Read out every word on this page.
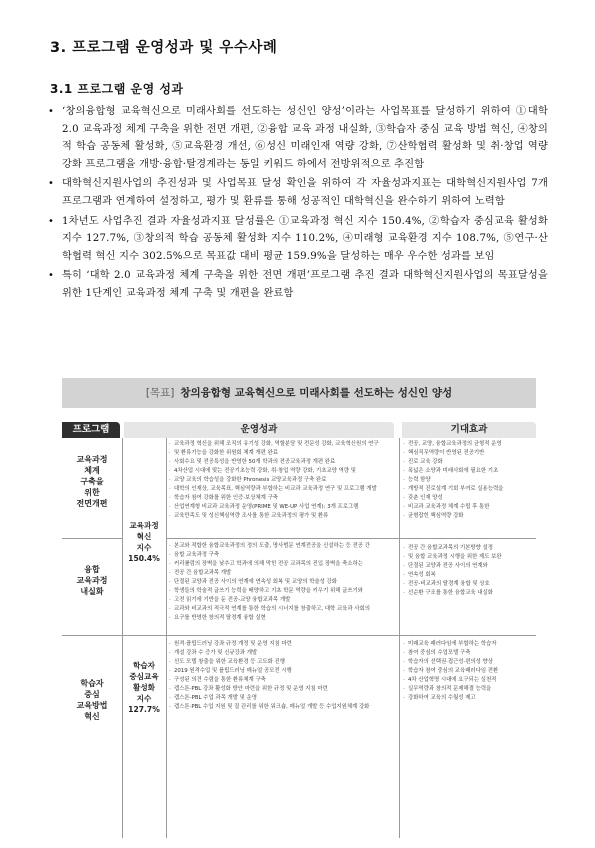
3. 프로그램 운영성과 및 우수사례
3.1 프로그램 운영 성과
• ‘창의융합형 교육혁신으로 미래사회를 선도하는 성신인 양성’이라는 사업목표를 달성하기 위하여 ①대학2.0 교육과정 체계 구축을 위한 전면 개편, ②융합 교육 과정 내실화, ③학습자 중심 교육 방법 혁신, ④창의적 학습 공동체 활성화, ⑤교육환경 개선, ⑥성신 미래인재 역량 강화, ⑦산학협력 활성화 및 취·창업 역량 강화 프로그램을 개방·융합·탈경계라는 동일 키워드 하에서 전방위적으로 추진함
• 대학혁신지원사업의 추진성과 및 사업목표 달성 확인을 위하여 각 자율성과지표는 대학혁신지원사업 7개 프로그램과 연계하여 설정하고, 평가 및 환류를 통해 성공적인 대학혁신을 완수하기 위하여 노력함
• 1차년도 사업추진 결과 자율성과지표 달성률은 ①교육과정 혁신 지수 150.4%, ②학습자 중심교육 활성화 지수 127.7%, ③창의적 학습 공동체 활성화 지수 110.2%, ④미래형 교육환경 지수 108.7%, ⑤연구·산학협력 혁신 지수 302.5%으로 목표값 대비 평균 159.9%을 달성하는 매우 우수한 성과를 보임
• 특히 ‘대학 2.0 교육과정 체계 구축을 위한 전면 개편’프로그램 추진 결과 대학혁신지원사업의 목표달성을 위한 1단계인 교육과정 체계 구축 및 개편을 완료함
[목표] 창의융합형 교육혁신으로 미래사회를 선도하는 성신인 양성
프로그램	운영성과	기대효과
교육과정
체계
구축을
위한
전면개편
· 교육과정 혁신을 위해 조직의 유기성 강화, 역할분담 및 전문성 강화, 교육혁신원의 연구
· 및 환류기능을 강화한 위원회 체계 개편 완료
· 사회수요 및 전공특성을 반영한 50개 학과의 전공교육과정 개편 완료
· 4차산업 시대에 맞는 전공기초능력 강화, 취·창업 역량 강화, 기초교양 역량 및
· 교양 교육의 학습성을 강화한 Phronesis 교양교육과정 구축 완료
· 대학의 인재상, 교육목표, 핵심역량과 부합하는 비교과 교육과정 연구 및 프로그램 개발
· 학습자 참여 강화를 위한 인증·보상체계 구축
· 산업연계형 비교과 교육과정 운영(PRIME 및 WE-UP 사업 연계): 3개 프로그램
· 교육만족도 및 성신핵심역량 조사를 통한 교육과정의 평가 및 환류
· 전공, 교양, 융합교육과정의 균형적 운영
· 핵심직무역량이 반영된 전공기반
· 진로 교육 강화
· 폭넓은 소양과 미래사회에 필요한 기초
· 능력 함양
· 개방적 진로설계 기회 부여로 실용능력을
· 갖춘 인재 양성
· 비교과 교육과정 체계 수립 후 통한
· 균형잡힌 핵심역량 강화
교육과정
혁신
지수
150.4%
융합
교육과정
내실화
· 본교와 적합한 융합교육과정의 정의 도출, 명사범문 연계전공을 신설하는 등 전공 간
· 융합 교육과정 구축
· 커리큘럼의 장벽을 낮추고 학과에 의해 막힌 전공 교과목의 진입 장벽을 축소하는
· 전공 간 융합교과목 개발
· 단절된 교양과 전공 사이의 연계에 연속성 회복 및 교양의 학술성 강화
· 학생들의 학술적 글쓰기 능력을 배양하고 기초 학문 역량을 키우기 위해 글쓰기와
· 고전 읽기에 기반을 둔 전공-교양 융합교과목 개발
· 교과와 비교과의 적극적 연계를 통한 학습의 시너지를 창출하고, 대학 교육과 사회의
· 요구를 반영한 창의적 탈경계 융합 실현
· 전공 간 융합교과목의 기본방향 설정
· 및 융합 교육과정 시행을 위한 제도 보완
· 단절된 교양과 전공 사이의 연계와
· 연속성 회복
· 전공-비교과의 탈경계 융합 및 상호
· 선순환 구조를 통한 융합교육 내실화
학습자
중심
교육방법
혁신
학습자
중심교육
활성화
지수
127.7%
· 원격·플립드러닝 강좌 규정 개정 및 운영 지침 마련
· 개설 강좌 수 증가 및 신규강좌 개발
· 선도 모델 창출을 위한 교육환경 등 고도화 진행
· 2019 원격수업 및 플립드러닝 매뉴얼 공모전 시행
· 구성된 의견 수렴을 통한 환류체계 구축
· 캡스톤·PBL 강좌 활성화 방안 마련을 위한 규정 및 운영 지침 마련
· 캡스톤-PBL 수업 과목 개발 및 운영
· 캡스톤·PBL 수업 지원 및 질 관리를 위한 워크숍, 매뉴얼 개발 등 수업지원체계 강화
· 미래교육 패러다임에 부합하는 학습자
· 참여 중심의 수업모델 구축
· 학습자의 선택권·접근성·편의성 향상
· 학습자 참여 중심의 교육패러다임 전환
· 4차 산업혁명 시대에 요구되는 실천적
· 실무역량과 창의적 문제해결 능력을
· 강화하여 교육의 수월성 제고
